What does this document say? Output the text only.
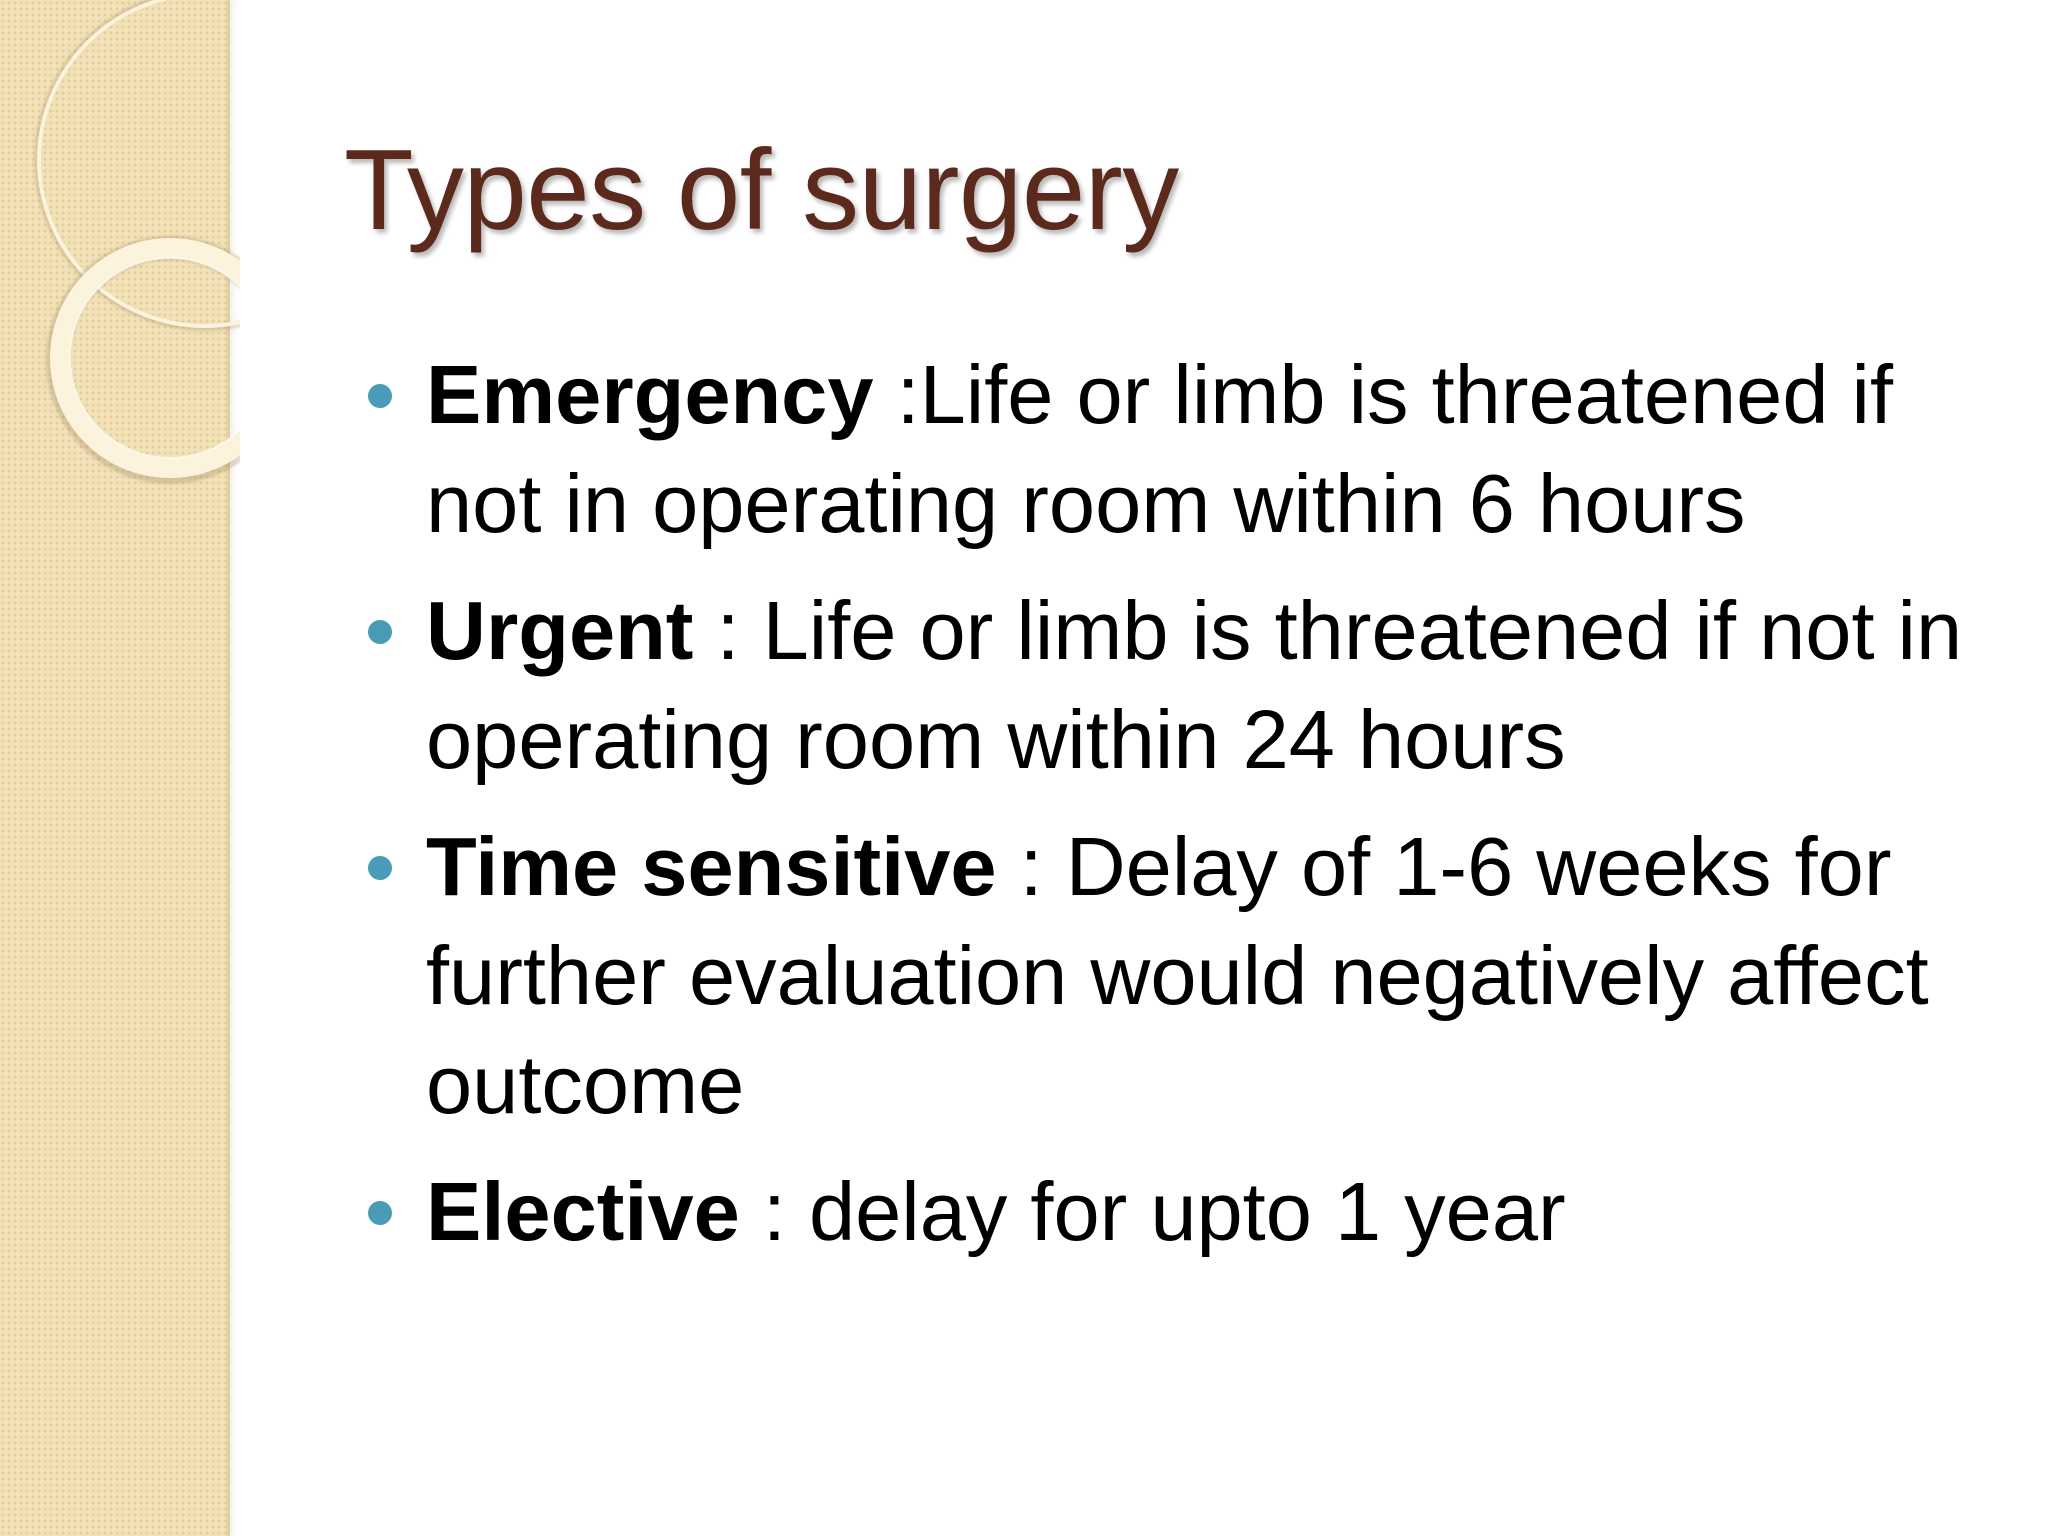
Types of surgery
Emergency :Life or limb is threatened if not in operating room within 6 hours
Urgent : Life or limb is threatened if not in operating room within 24 hours
Time sensitive : Delay of 1-6 weeks for further evaluation would negatively affect outcome
Elective : delay for upto 1 year
